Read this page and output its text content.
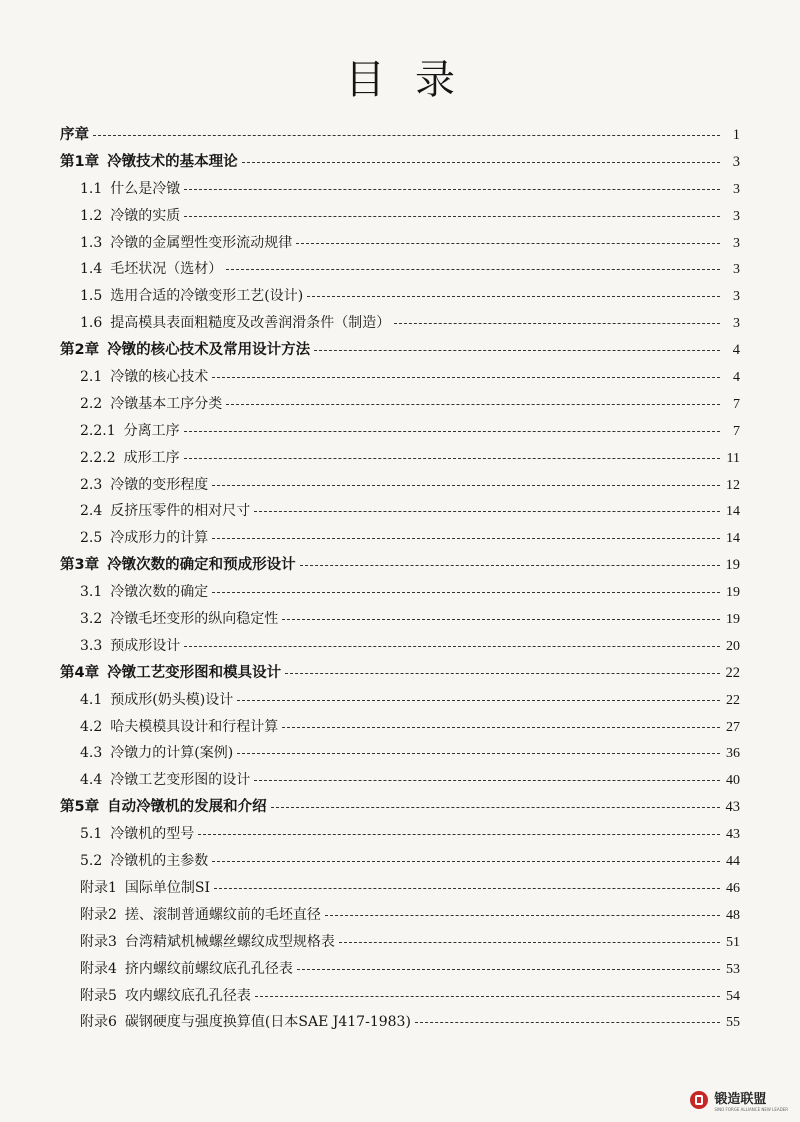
目录
序章	1
第1章 冷镦技术的基本理论	3
1.1 什么是冷镦	3
1.2 冷镦的实质	3
1.3 冷镦的金属塑性变形流动规律	3
1.4 毛坯状况（选材）	3
1.5 选用合适的冷镦变形工艺(设计)	3
1.6 提高模具表面粗糙度及改善润滑条件（制造）	3
第2章 冷镦的核心技术及常用设计方法	4
2.1 冷镦的核心技术	4
2.2 冷镦基本工序分类	7
2.2.1 分离工序	7
2.2.2 成形工序	11
2.3 冷镦的变形程度	12
2.4 反挤压零件的相对尺寸	14
2.5 冷成形力的计算	14
第3章 冷镦次数的确定和预成形设计	19
3.1 冷镦次数的确定	19
3.2 冷镦毛坯变形的纵向稳定性	19
3.3 预成形设计	20
第4章 冷镦工艺变形图和模具设计	22
4.1 预成形(奶头模)设计	22
4.2 哈夫模模具设计和行程计算	27
4.3 冷镦力的计算(案例)	36
4.4 冷镦工艺变形图的设计	40
第5章 自动冷镦机的发展和介绍	43
5.1 冷镦机的型号	43
5.2 冷镦机的主参数	44
附录1 国际单位制SI	46
附录2 搓、滚制普通螺纹前的毛坯直径	48
附录3 台湾精斌机械螺丝螺纹成型规格表	51
附录4 挤内螺纹前螺纹底孔孔径表	53
附录5 攻内螺纹底孔孔径表	54
附录6 碳钢硬度与强度换算值(日本SAE J417-1983)	55
锻造联盟
SINO FORGE ALLIANCE NEW LEADER
